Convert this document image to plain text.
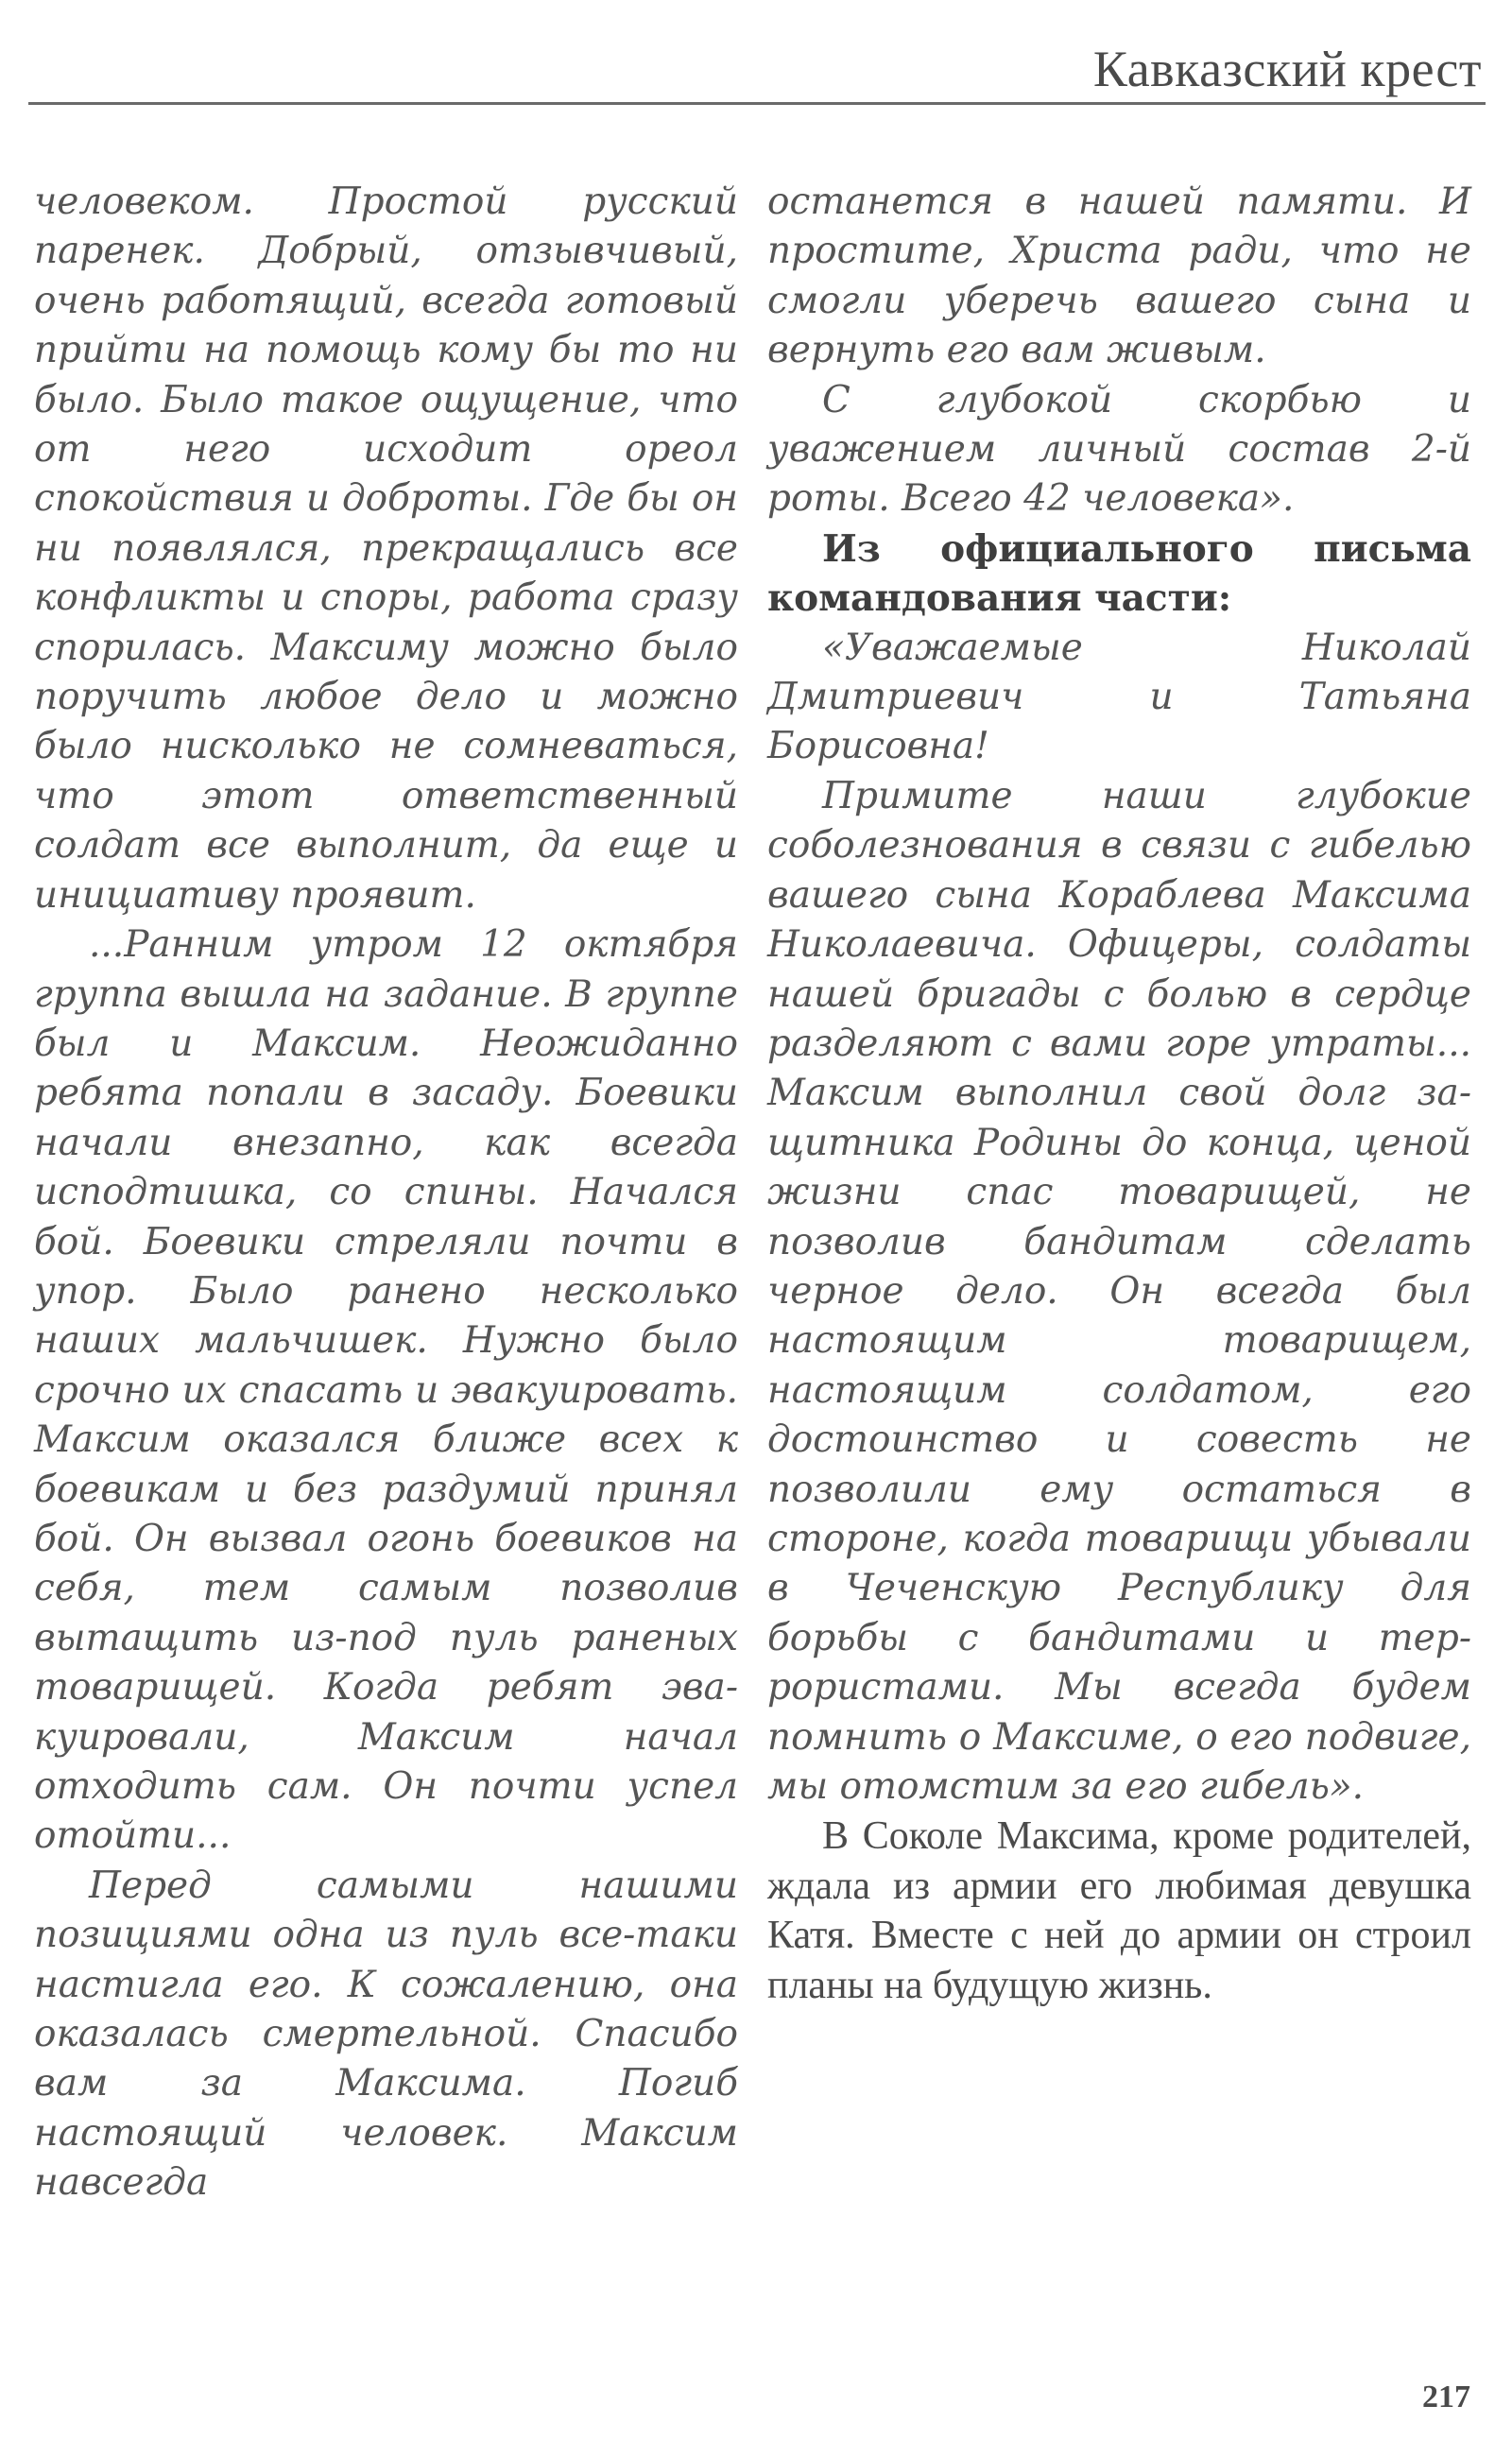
Кавказский крест

человеком. Простой русский паренек. Добрый, отзывчивый, очень работящий, всегда готовый прийти на помощь кому бы то ни было. Было такое ощущение, что от него исходит ореол спокойствия и доброты. Где бы он ни появлялся, прекращались все конфликты и споры, работа сразу спорилась. Максиму можно было поручить любое дело и можно было нисколько не сомневаться, что этот ответственный солдат все выполнит, да еще и инициативу проявит.

...Ранним утром 12 октября группа вышла на задание. В группе был и Максим. Неожиданно ребята попали в засаду. Боевики начали внезапно, как всегда исподтишка, со спины. Начался бой. Боевики стреляли почти в упор. Было ранено несколько наших мальчишек. Нужно было срочно их спасать и эвакуировать. Максим оказался ближе всех к боевикам и без раздумий принял бой. Он вызвал огонь боевиков на себя, тем самым позволив вытащить из-под пуль раненых товарищей. Когда ребят эвакуировали, Максим начал отходить сам. Он почти успел отойти...

Перед самыми нашими позициями одна из пуль все-таки настигла его. К сожалению, она оказалась смертельной. Спасибо вам за Максима. Погиб настоящий человек. Максим навсегда

останется в нашей памяти. И простите, Христа ради, что не смогли уберечь вашего сына и вернуть его вам живым.

С глубокой скорбью и уважением личный состав 2-й роты. Всего 42 человека».

Из официального письма командования части:

«Уважаемые Николай Дмитриевич и Татьяна Борисовна!

Примите наши глубокие соболезнования в связи с гибелью вашего сына Кораблева Максима Николаевича. Офицеры, солдаты нашей бригады с болью в сердце разделяют с вами горе утраты... Максим выполнил свой долг защитника Родины до конца, ценой жизни спас товарищей, не позволив бандитам сделать черное дело. Он всегда был настоящим товарищем, настоящим солдатом, его достоинство и совесть не позволили ему остаться в стороне, когда товарищи убывали в Чеченскую Республику для борьбы с бандитами и террористами. Мы всегда будем помнить о Максиме, о его подвиге, мы отомстим за его гибель».

В Соколе Максима, кроме родителей, ждала из армии его любимая девушка Катя. Вместе с ней до армии он строил планы на будущую жизнь.

217
